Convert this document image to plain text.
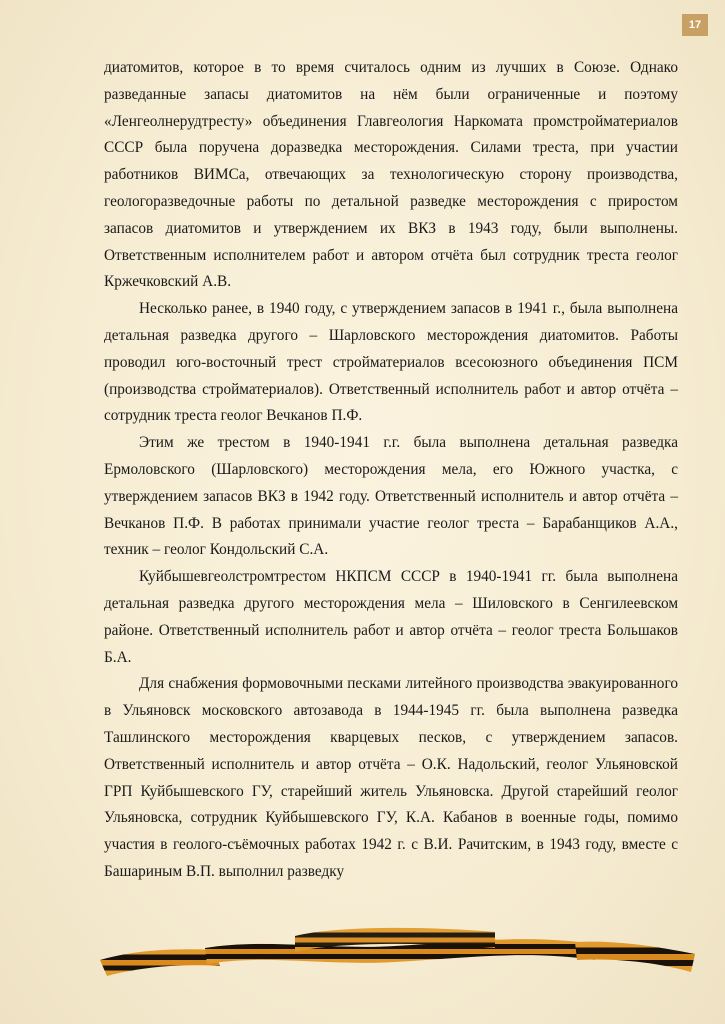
17

диатомитов, которое в то время считалось одним из лучших в Союзе. Однако разведанные запасы диатомитов на нём были ограниченные и поэтому «Ленгеолнерудтресту» объединения Главгеология Наркомата промстройматериалов СССР была поручена доразведка месторождения. Силами треста, при участии работников ВИМСа, отвечающих за технологическую сторону производства, геологоразведочные работы по детальной разведке месторождения с приростом запасов диатомитов и утверждением их ВКЗ в 1943 году, были выполнены. Ответственным исполнителем работ и автором отчёта был сотрудник треста геолог Кржечковский А.В.

Несколько ранее, в 1940 году, с утверждением запасов в 1941 г., была выполнена детальная разведка другого – Шарловского месторождения диатомитов. Работы проводил юго-восточный трест стройматериалов всесоюзного объединения ПСМ (производства стройматериалов). Ответственный исполнитель работ и автор отчёта – сотрудник треста геолог Вечканов П.Ф.

Этим же трестом в 1940-1941 г.г. была выполнена детальная разведка Ермоловского (Шарловского) месторождения мела, его Южного участка, с утверждением запасов ВКЗ в 1942 году. Ответственный исполнитель и автор отчёта – Вечканов П.Ф. В работах принимали участие геолог треста – Барабанщиков А.А., техник – геолог Кондольский С.А.

Куйбышевгеолстромтрестом НКПСМ СССР в 1940-1941 гг. была выполнена детальная разведка другого месторождения мела – Шиловского в Сенгилеевском районе. Ответственный исполнитель работ и автор отчёта – геолог треста Большаков Б.А.

Для снабжения формовочными песками литейного производства эвакуированного в Ульяновск московского автозавода в 1944-1945 гг. была выполнена разведка Ташлинского месторождения кварцевых песков, с утверждением запасов. Ответственный исполнитель и автор отчёта – О.К. Надольский, геолог Ульяновской ГРП Куйбышевского ГУ, старейший житель Ульяновска. Другой старейший геолог Ульяновска, сотрудник Куйбышевского ГУ, К.А. Кабанов в военные годы, помимо участия в геолого-съёмочных работах 1942 г. с В.И. Рачитским, в 1943 году, вместе с Башариным В.П. выполнил разведку
